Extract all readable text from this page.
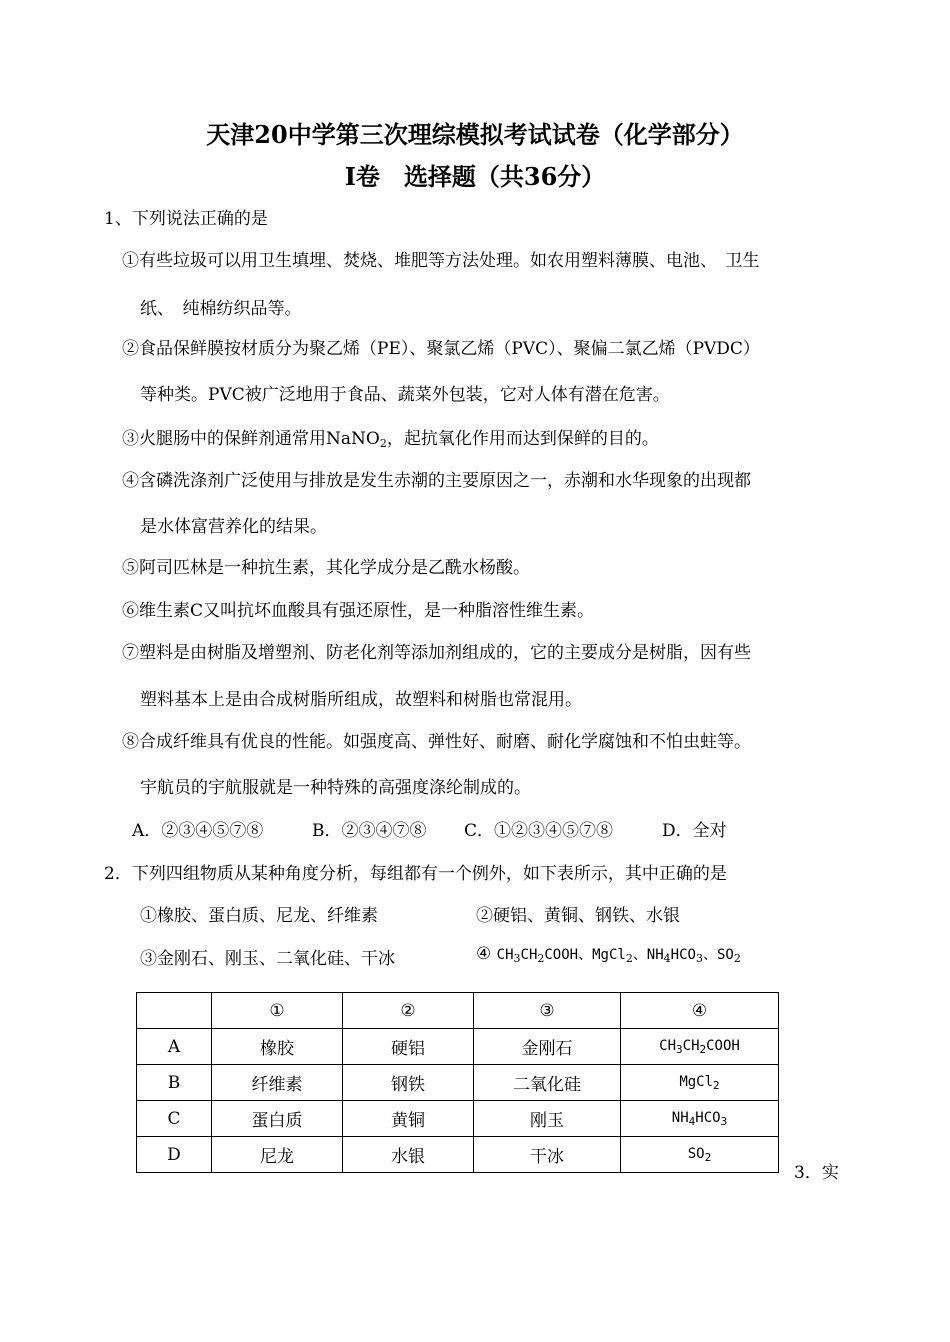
天津20中学第三次理综模拟考试试卷（化学部分）
Ⅰ卷　选择题（共36分）
1、下列说法正确的是
①有些垃圾可以用卫生填埋、焚烧、堆肥等方法处理。如农用塑料薄膜、电池、　卫生
纸、　纯棉纺织品等。
②食品保鲜膜按材质分为聚乙烯（PE）、聚氯乙烯（PVC）、聚偏二氯乙烯（PVDC）
等种类。PVC被广泛地用于食品、蔬菜外包装，它对人体有潜在危害。
③火腿肠中的保鲜剂通常用NaNO$_2$，起抗氧化作用而达到保鲜的目的。
④含磷洗涤剂广泛使用与排放是发生赤潮的主要原因之一，赤潮和水华现象的出现都
是水体富营养化的结果。
⑤阿司匹林是一种抗生素，其化学成分是乙酰水杨酸。
⑥维生素C又叫抗坏血酸具有强还原性，是一种脂溶性维生素。
⑦塑料是由树脂及增塑剂、防老化剂等添加剂组成的，它的主要成分是树脂，因有些
塑料基本上是由合成树脂所组成，故塑料和树脂也常混用。
⑧合成纤维具有优良的性能。如强度高、弹性好、耐磨、耐化学腐蚀和不怕虫蛀等。
宇航员的宇航服就是一种特殊的高强度涤纶制成的。
A．②③④⑤⑦⑧	B．②③④⑦⑧ C．①②③④⑤⑦⑧	D．全对
2．下列四组物质从某种角度分析，每组都有一个例外，如下表所示，其中正确的是
①橡胶、蛋白质、尼龙、纤维素	②硬铝、黄铜、钢铁、水银
③金刚石、刚玉、二氧化硅、干冰	④ $CH_3CH_2COOH$、MgCl$_2$、$NH_4HCO_3$、$SO_2$
	①	②	③	④
A	橡胶	硬铝	金刚石	$CH_3CH_2COOH$
B	纤维素	钢铁	二氧化硅	MgCl$_2$
C	蛋白质	黄铜	刚玉	$NH_4HCO_3$
D	尼龙	水银	干冰	$SO_2$
3．实
